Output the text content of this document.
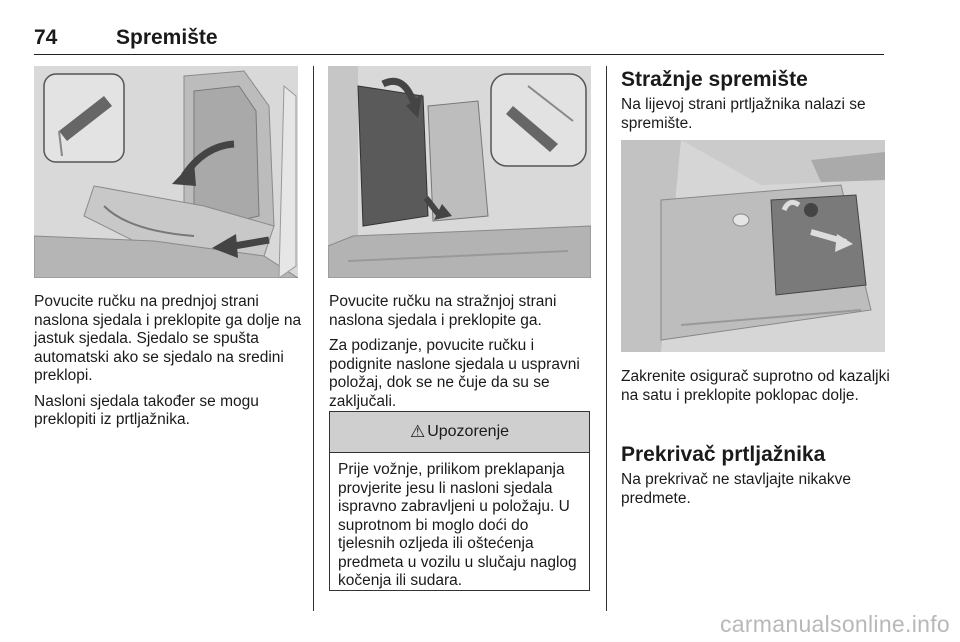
74	Spremište

Povucite ručku na prednjoj strani naslona sjedala i preklopite ga dolje na jastuk sjedala. Sjedalo se spušta automatski ako se sjedalo na sredini preklopi.

Nasloni sjedala također se mogu preklopiti iz prtljažnika.

Povucite ručku na stražnjoj strani naslona sjedala i preklopite ga.

Za podizanje, povucite ručku i podignite naslone sjedala u uspravni položaj, dok se ne čuje da su se zaključali.

⚠ Upozorenje
Prije vožnje, prilikom preklapanja provjerite jesu li nasloni sjedala ispravno zabravljeni u položaju. U suprotnom bi moglo doći do tjelesnih ozljeda ili oštećenja predmeta u vozilu u slučaju naglog kočenja ili sudara.
Stražnje spremište
Na lijevoj strani prtljažnika nalazi se spremište.
Zakrenite osigurač suprotno od kazaljki na satu i preklopite poklopac dolje.
Prekrivač prtljažnika
Na prekrivač ne stavljajte nikakve predmete.
carmanualsonline.info
